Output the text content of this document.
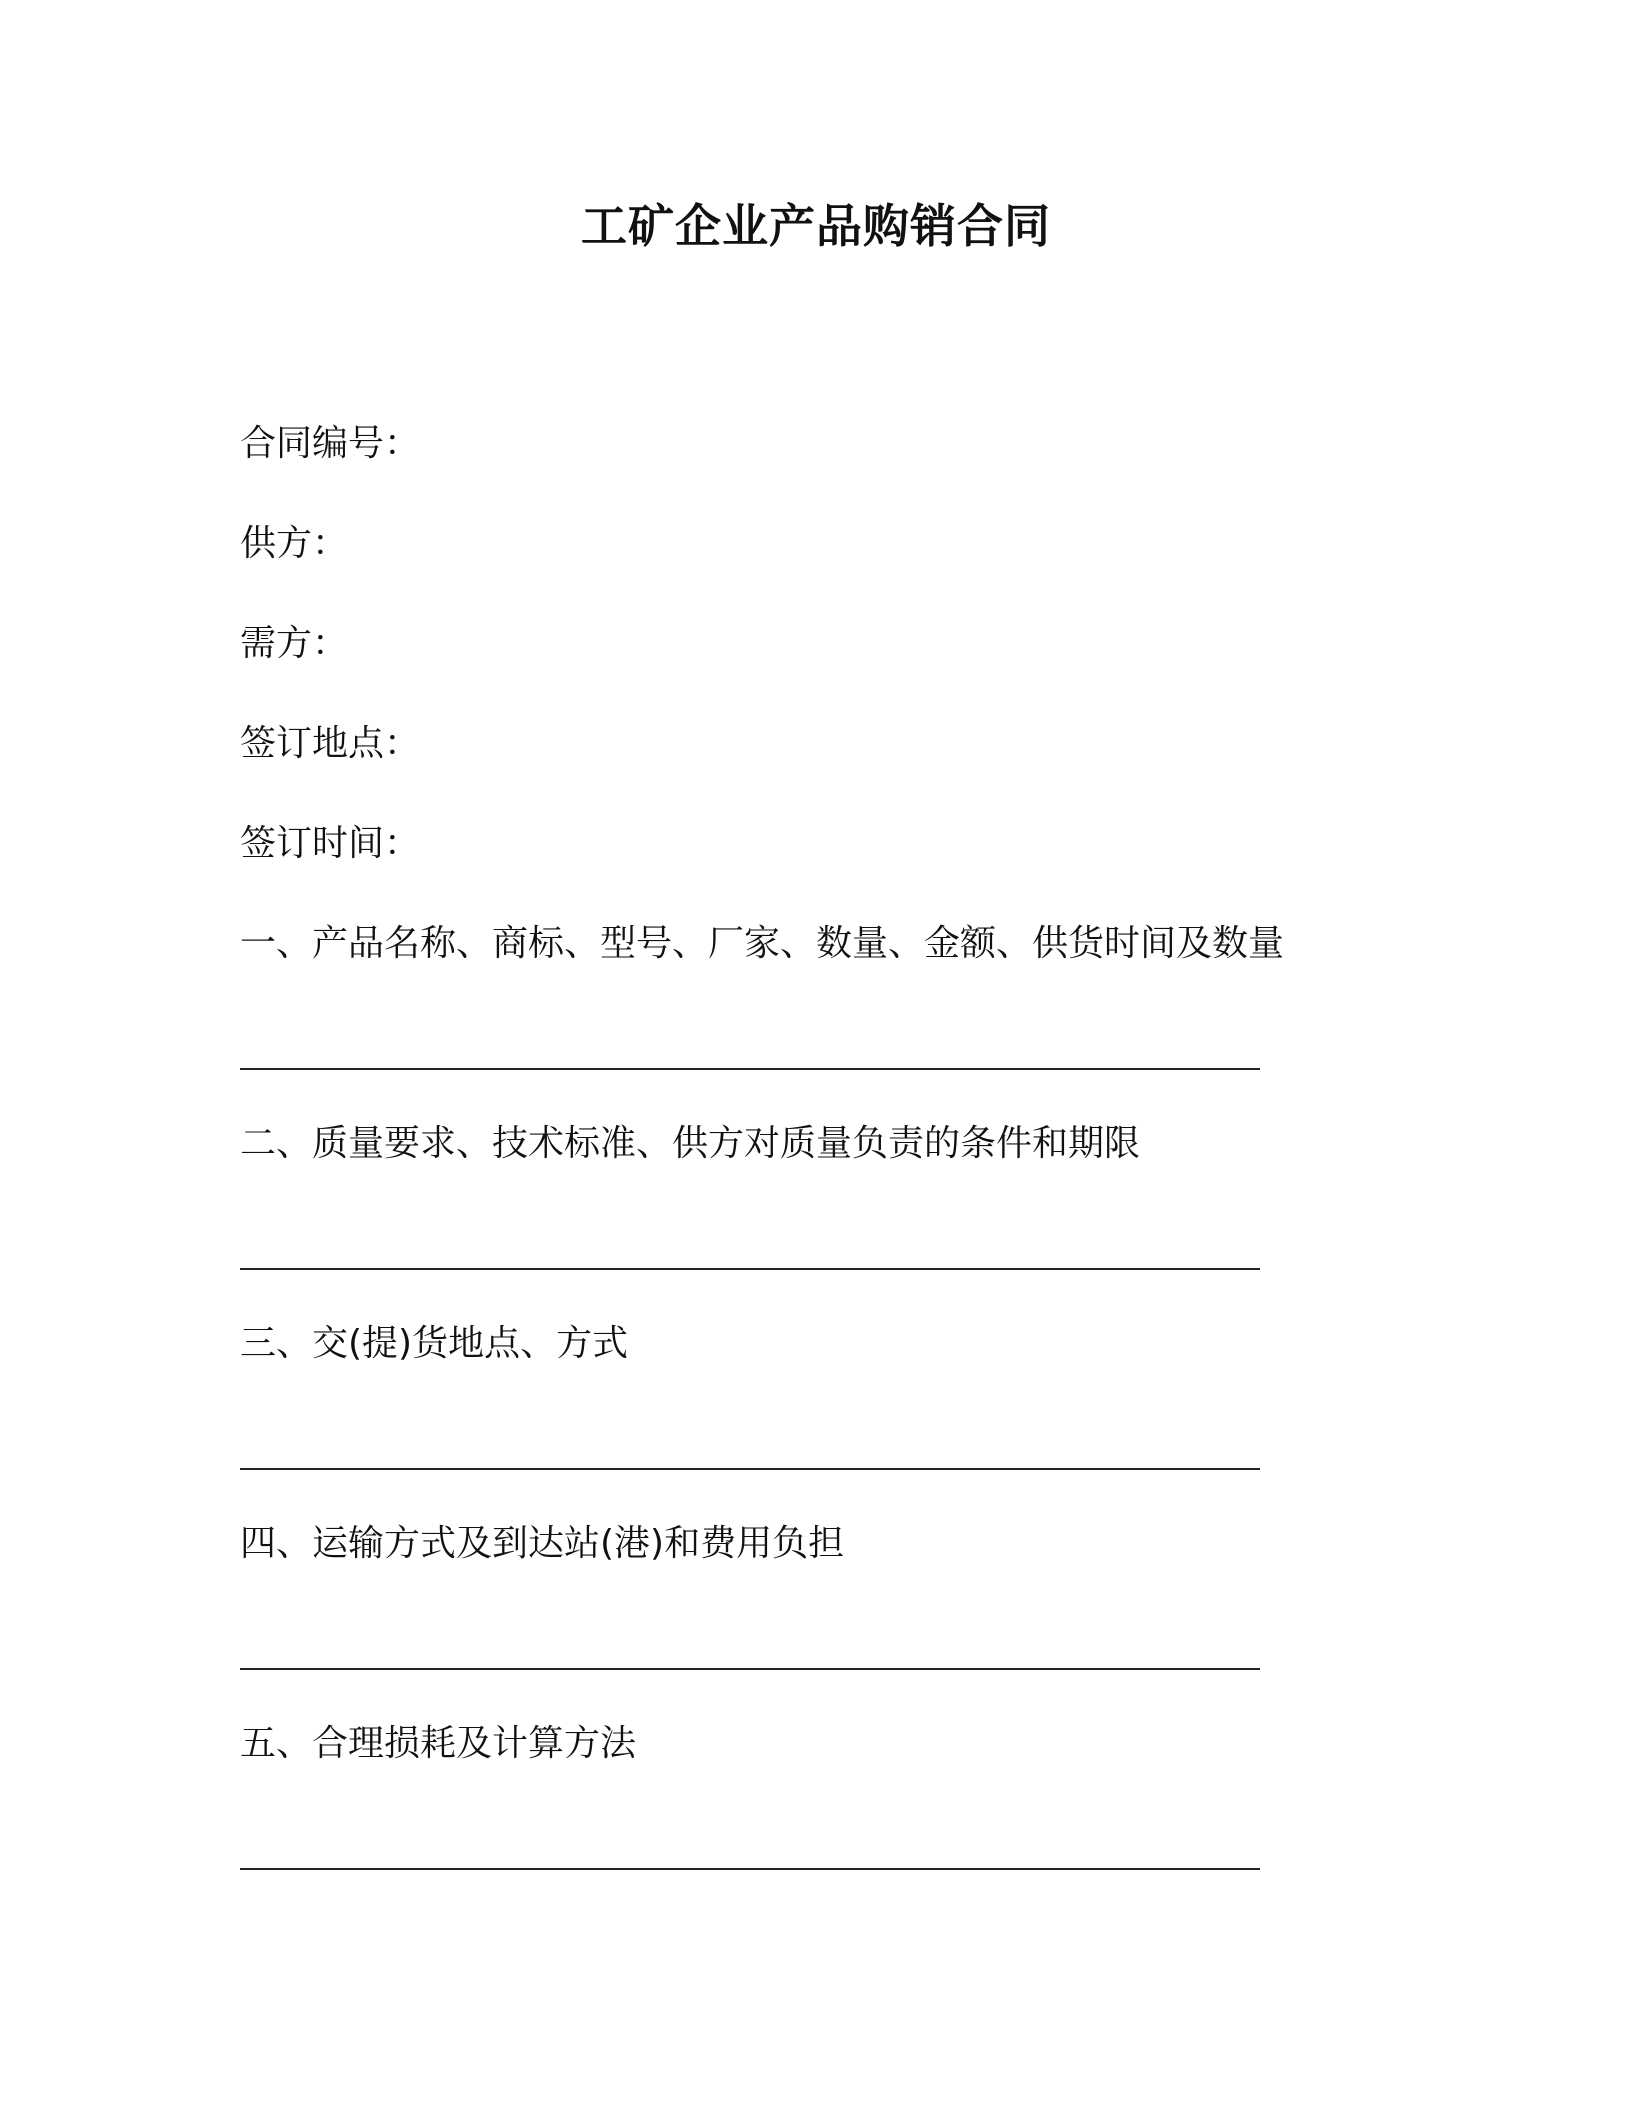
工矿企业产品购销合同
合同编号：
供方：
需方：
签订地点：
签订时间：
一、产品名称、商标、型号、厂家、数量、金额、供货时间及数量
二、质量要求、技术标准、供方对质量负责的条件和期限
三、交(提)货地点、方式
四、运输方式及到达站(港)和费用负担
五、合理损耗及计算方法
